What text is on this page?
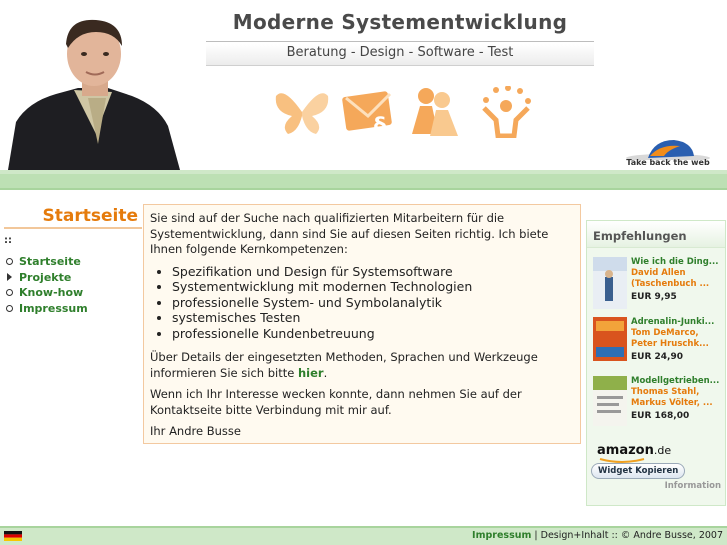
Moderne Systementwicklung
Beratung - Design - Software - Test
§
Take back the web
Startseite
::
Startseite
Projekte
Know-how
Impressum

Sie sind auf der Suche nach qualifizierten Mitarbeitern für die Systementwicklung, dann sind Sie auf diesen Seiten richtig. Ich biete Ihnen folgende Kernkompetenzen:

• Spezifikation und Design für Systemsoftware
• Systementwicklung mit modernen Technologien
• professionelle System- und Symbolanalytik
• systemisches Testen
• professionelle Kundenbetreuung

Über Details der eingesetzten Methoden, Sprachen und Werkzeuge informieren Sie sich bitte hier.

Wenn ich Ihr Interesse wecken konnte, dann nehmen Sie auf der Kontaktseite bitte Verbindung mit mir auf.

Ihr Andre Busse

Empfehlungen
Wie ich die Ding...
David Allen (Taschenbuch ...
EUR 9,95
Adrenalin-Junki...
Tom DeMarco, Peter Hruschk...
EUR 24,90
Modellgetrieben...
Thomas Stahl, Markus Völter, ...
EUR 168,00
amazon.de
Widget Kopieren
Information
Impressum | Design+Inhalt :: © Andre Busse, 2007
